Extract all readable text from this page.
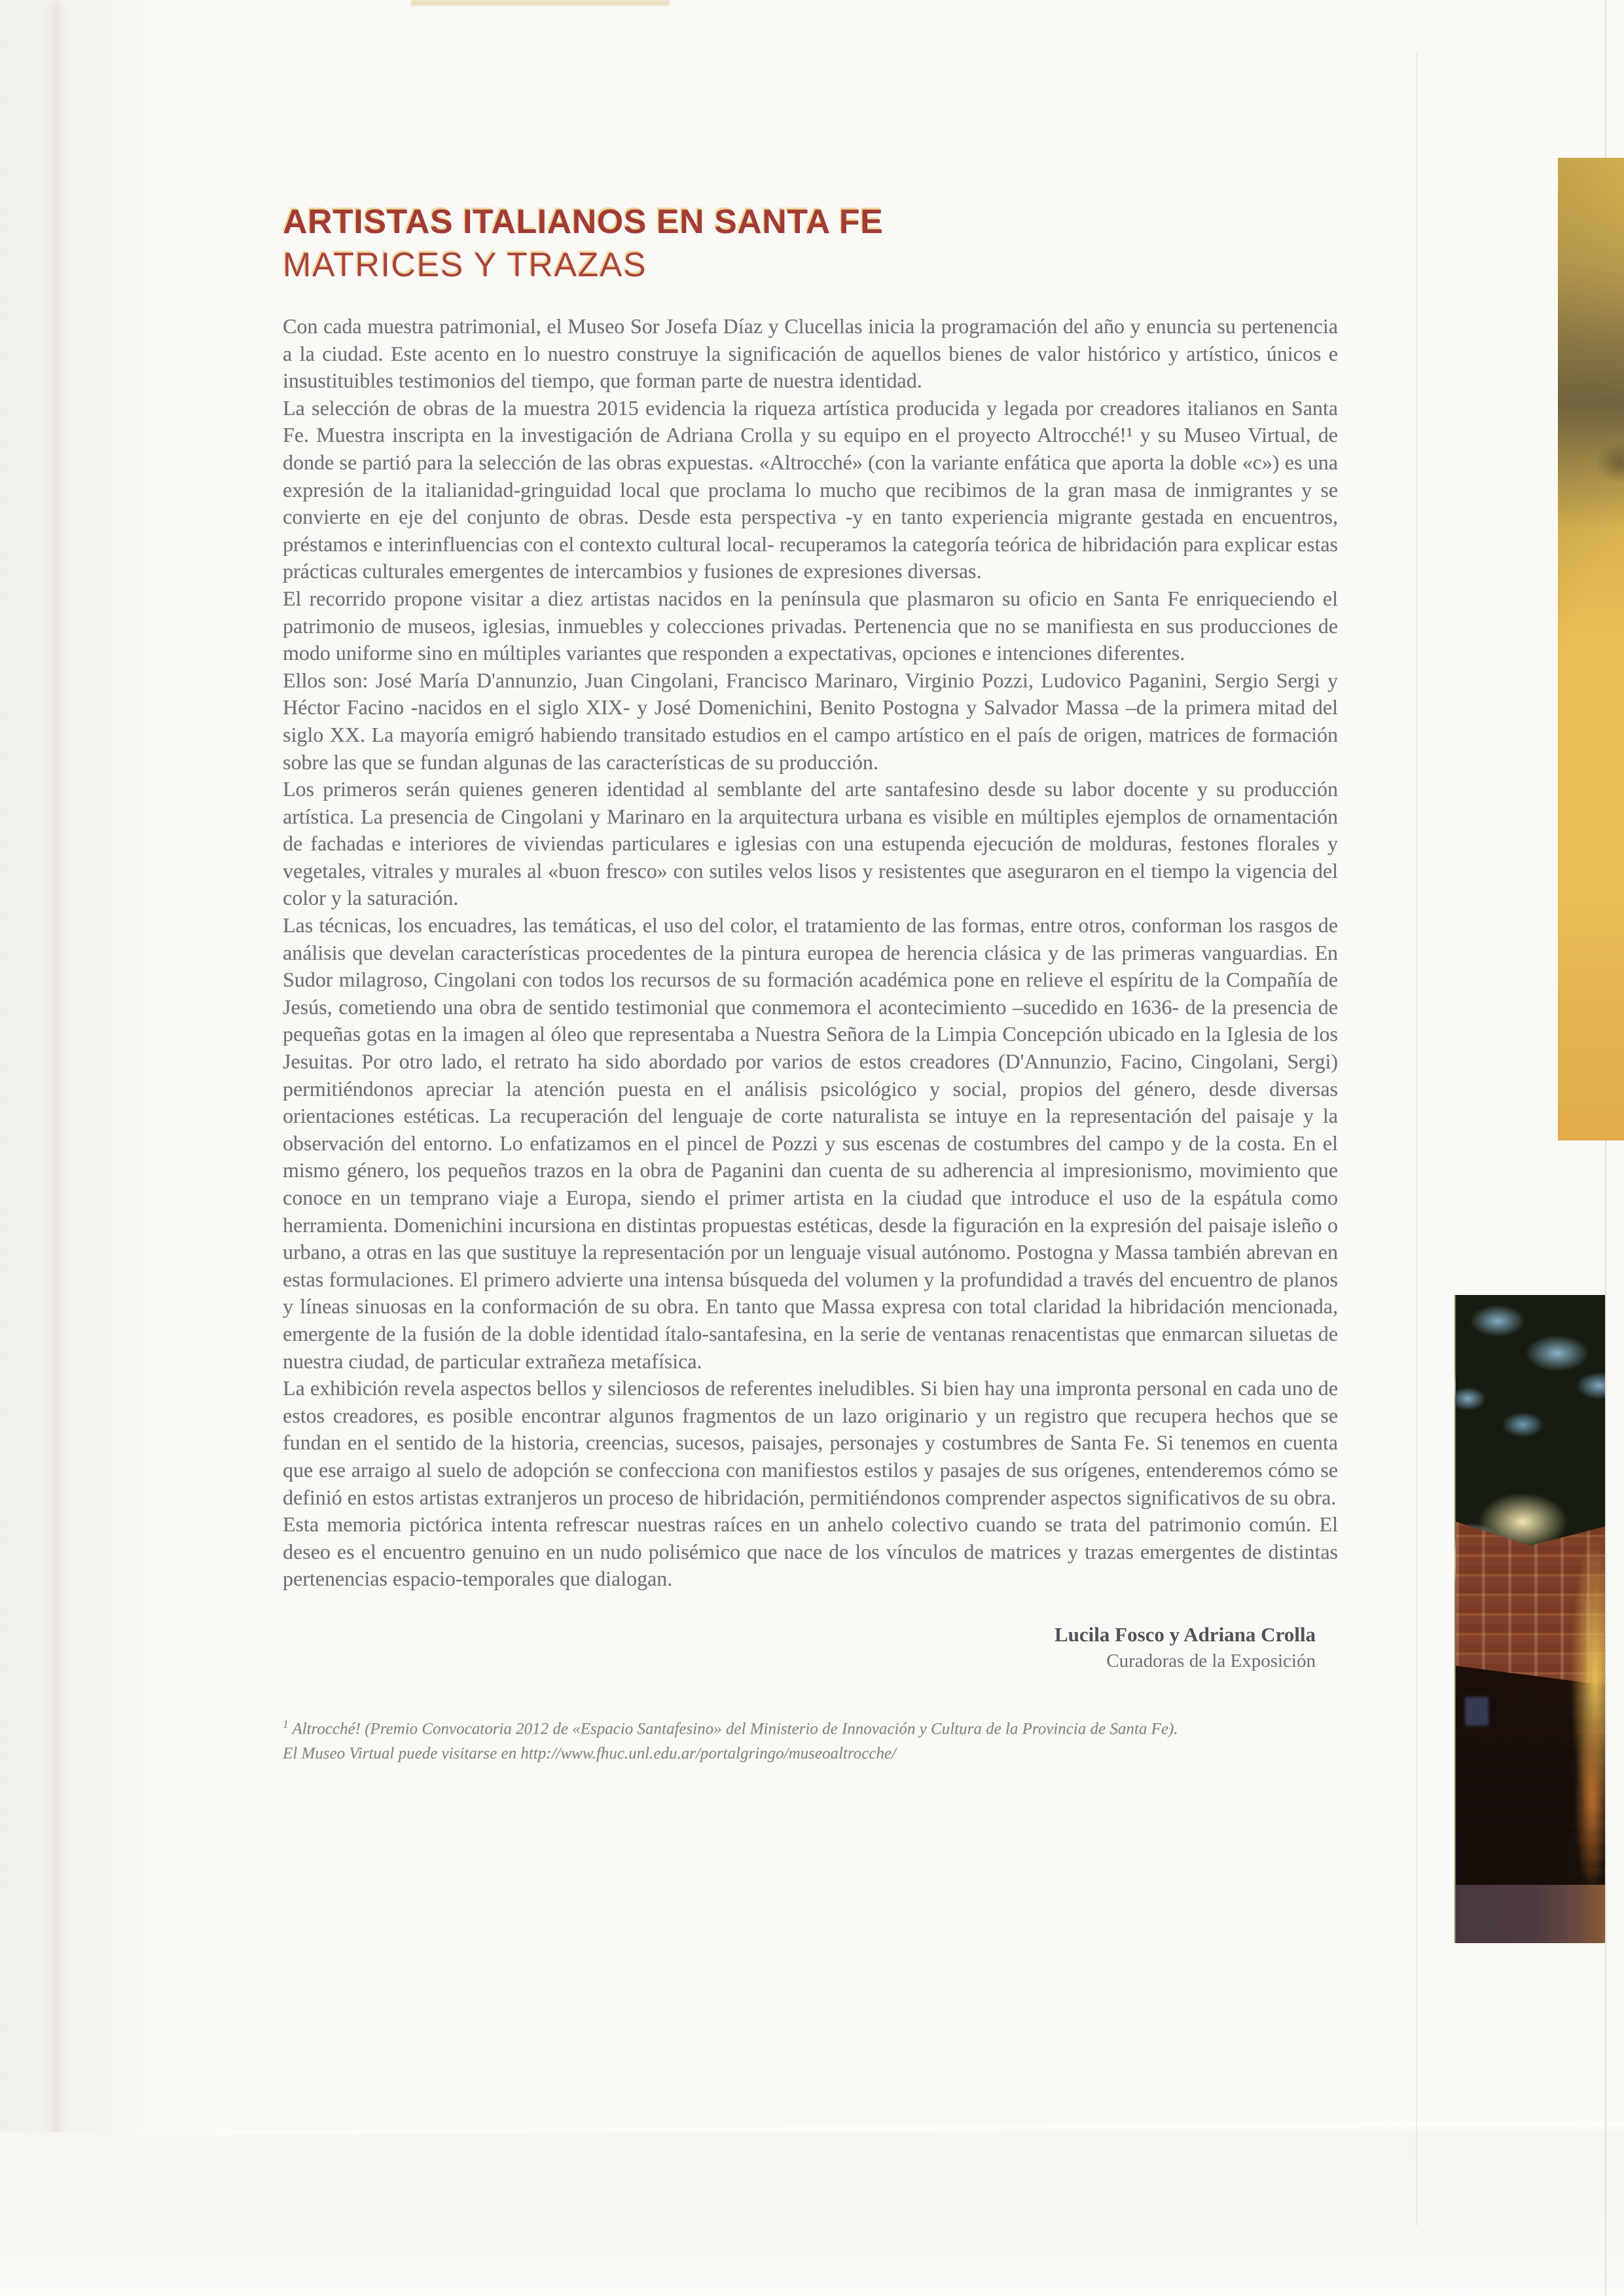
ARTISTAS ITALIANOS EN SANTA FE
MATRICES Y TRAZAS

Con cada muestra patrimonial, el Museo Sor Josefa Díaz y Clucellas inicia la programación del año y enuncia su pertenencia a la ciudad. Este acento en lo nuestro construye la significación de aquellos bienes de valor histórico y artístico, únicos e insustituibles testimonios del tiempo, que forman parte de nuestra identidad.

La selección de obras de la muestra 2015 evidencia la riqueza artística producida y legada por creadores italianos en Santa Fe. Muestra inscripta en la investigación de Adriana Crolla y su equipo en el proyecto Altrocché!¹ y su Museo Virtual, de donde se partió para la selección de las obras expuestas. «Altrocché» (con la variante enfática que aporta la doble «c») es una expresión de la italianidad-gringuidad local que proclama lo mucho que recibimos de la gran masa de inmigrantes y se convierte en eje del conjunto de obras. Desde esta perspectiva -y en tanto experiencia migrante gestada en encuentros, préstamos e interinfluencias con el contexto cultural local- recuperamos la categoría teórica de hibridación para explicar estas prácticas culturales emergentes de intercambios y fusiones de expresiones diversas.

El recorrido propone visitar a diez artistas nacidos en la península que plasmaron su oficio en Santa Fe enriqueciendo el patrimonio de museos, iglesias, inmuebles y colecciones privadas. Pertenencia que no se manifiesta en sus producciones de modo uniforme sino en múltiples variantes que responden a expectativas, opciones e intenciones diferentes.

Ellos son: José María D'annunzio, Juan Cingolani, Francisco Marinaro, Virginio Pozzi, Ludovico Paganini, Sergio Sergi y Héctor Facino -nacidos en el siglo XIX- y José Domenichini, Benito Postogna y Salvador Massa –de la primera mitad del siglo XX. La mayoría emigró habiendo transitado estudios en el campo artístico en el país de origen, matrices de formación sobre las que se fundan algunas de las características de su producción.

Los primeros serán quienes generen identidad al semblante del arte santafesino desde su labor docente y su producción artística. La presencia de Cingolani y Marinaro en la arquitectura urbana es visible en múltiples ejemplos de ornamentación de fachadas e interiores de viviendas particulares e iglesias con una estupenda ejecución de molduras, festones florales y vegetales, vitrales y murales al «buon fresco» con sutiles velos lisos y resistentes que aseguraron en el tiempo la vigencia del color y la saturación.

Las técnicas, los encuadres, las temáticas, el uso del color, el tratamiento de las formas, entre otros, conforman los rasgos de análisis que develan características procedentes de la pintura europea de herencia clásica y de las primeras vanguardias. En Sudor milagroso, Cingolani con todos los recursos de su formación académica pone en relieve el espíritu de la Compañía de Jesús, cometiendo una obra de sentido testimonial que conmemora el acontecimiento –sucedido en 1636- de la presencia de pequeñas gotas en la imagen al óleo que representaba a Nuestra Señora de la Limpia Concepción ubicado en la Iglesia de los Jesuitas. Por otro lado, el retrato ha sido abordado por varios de estos creadores (D'Annunzio, Facino, Cingolani, Sergi) permitiéndonos apreciar la atención puesta en el análisis psicológico y social, propios del género, desde diversas orientaciones estéticas. La recuperación del lenguaje de corte naturalista se intuye en la representación del paisaje y la observación del entorno. Lo enfatizamos en el pincel de Pozzi y sus escenas de costumbres del campo y de la costa. En el mismo género, los pequeños trazos en la obra de Paganini dan cuenta de su adherencia al impresionismo, movimiento que conoce en un temprano viaje a Europa, siendo el primer artista en la ciudad que introduce el uso de la espátula como herramienta. Domenichini incursiona en distintas propuestas estéticas, desde la figuración en la expresión del paisaje isleño o urbano, a otras en las que sustituye la representación por un lenguaje visual autónomo. Postogna y Massa también abrevan en estas formulaciones. El primero advierte una intensa búsqueda del volumen y la profundidad a través del encuentro de planos y líneas sinuosas en la conformación de su obra. En tanto que Massa expresa con total claridad la hibridación mencionada, emergente de la fusión de la doble identidad ítalo-santafesina, en la serie de ventanas renacentistas que enmarcan siluetas de nuestra ciudad, de particular extrañeza metafísica.

La exhibición revela aspectos bellos y silenciosos de referentes ineludibles. Si bien hay una impronta personal en cada uno de estos creadores, es posible encontrar algunos fragmentos de un lazo originario y un registro que recupera hechos que se fundan en el sentido de la historia, creencias, sucesos, paisajes, personajes y costumbres de Santa Fe. Si tenemos en cuenta que ese arraigo al suelo de adopción se confecciona con manifiestos estilos y pasajes de sus orígenes, entenderemos cómo se definió en estos artistas extranjeros un proceso de hibridación, permitiéndonos comprender aspectos significativos de su obra.

Esta memoria pictórica intenta refrescar nuestras raíces en un anhelo colectivo cuando se trata del patrimonio común. El deseo es el encuentro genuino en un nudo polisémico que nace de los vínculos de matrices y trazas emergentes de distintas pertenencias espacio-temporales que dialogan.

Lucila Fosco y Adriana Crolla
Curadoras de la Exposición
$^1$ Altrocché! (Premio Convocatoria 2012 de «Espacio Santafesino» del Ministerio de Innovación y Cultura de la Provincia de Santa Fe).
El Museo Virtual puede visitarse en http://www.fhuc.unl.edu.ar/portalgringo/museoaltrocche/
